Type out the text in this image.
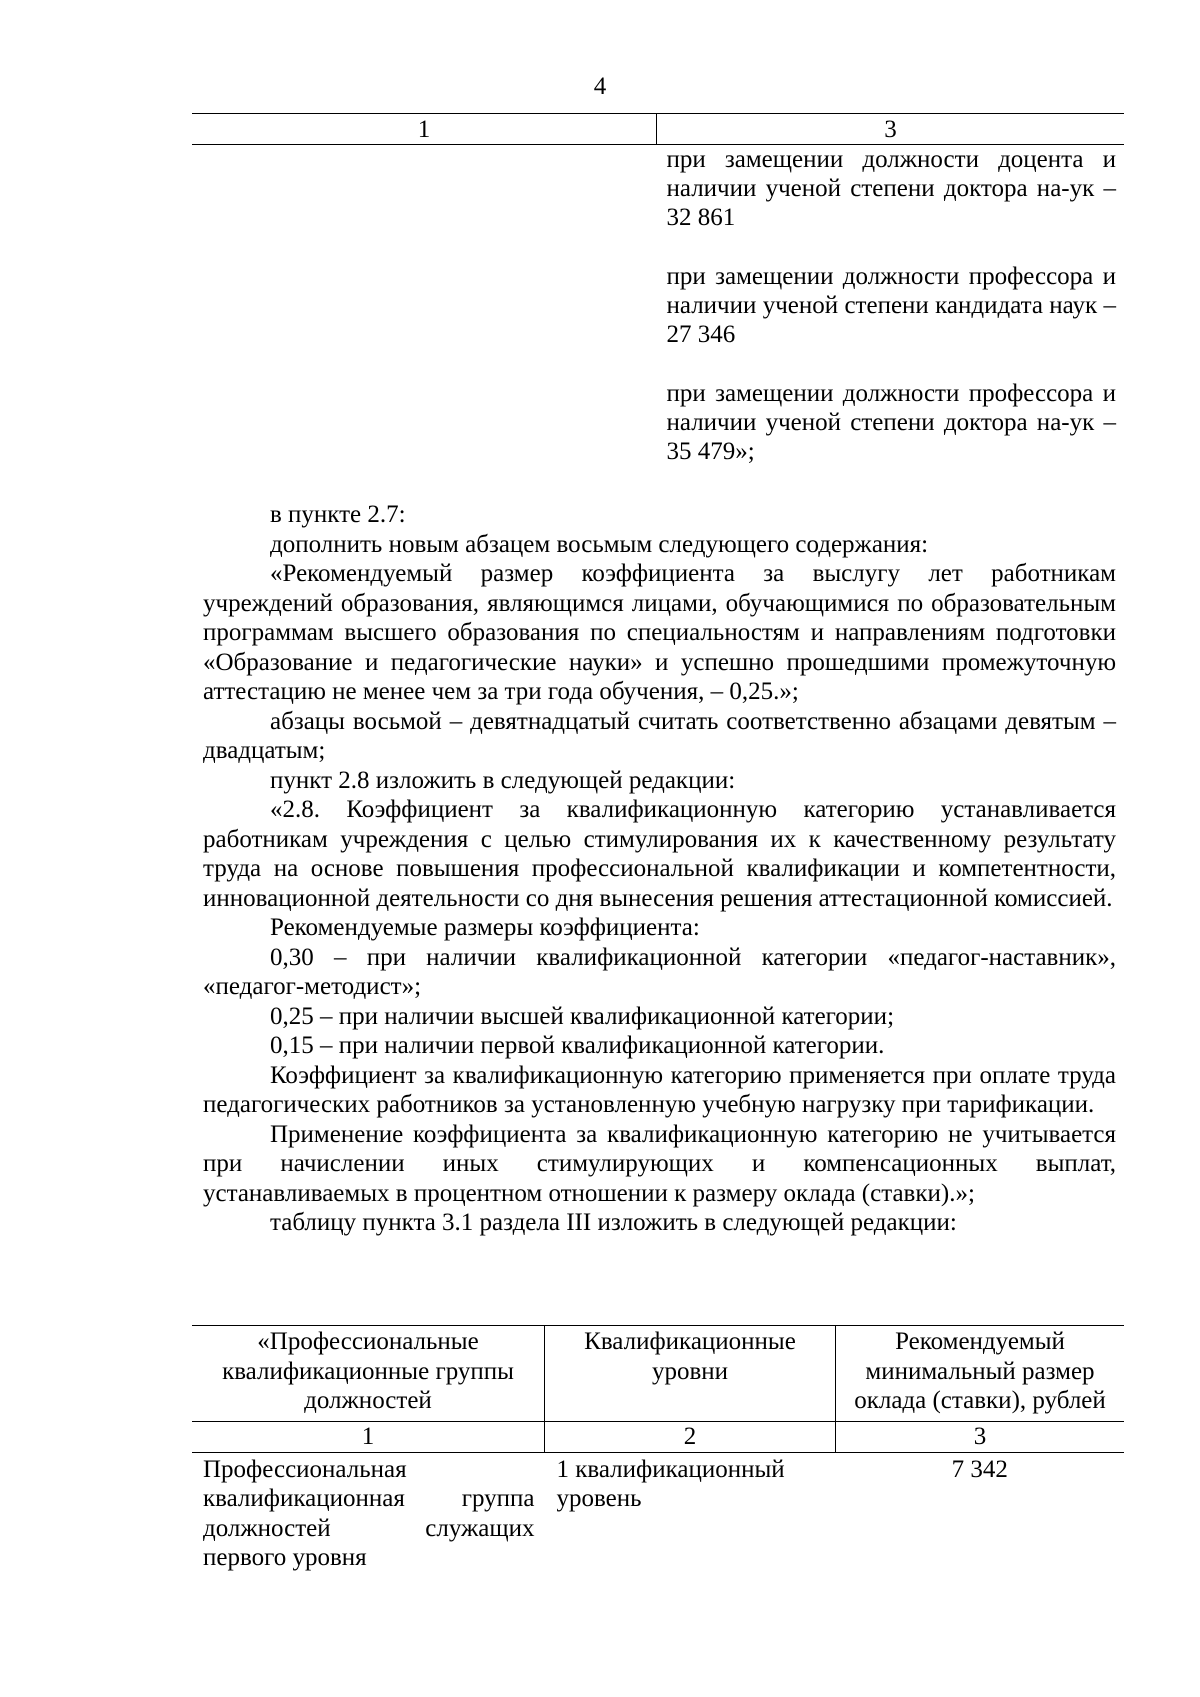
4
1	3

	при замещении должности доцента и наличии ученой степени доктора на-ук – 32 861

при замещении должности профессора и наличии ученой степени кандидата наук – 27 346

при замещении должности профессора и наличии ученой степени доктора на-ук – 35 479»;

в пункте 2.7:

дополнить новым абзацем восьмым следующего содержания:

«Рекомендуемый размер коэффициента за выслугу лет работникам учреждений образования, являющимся лицами, обучающимися по образовательным программам высшего образования по специальностям и направлениям подготовки «Образование и педагогические науки» и успешно прошедшими промежуточную аттестацию не менее чем за три года обучения, – 0,25.»;

абзацы восьмой – девятнадцатый считать соответственно абзацами девятым – двадцатым;

пункт 2.8 изложить в следующей редакции:

«2.8. Коэффициент за квалификационную категорию устанавливается работникам учреждения с целью стимулирования их к качественному результату труда на основе повышения профессиональной квалификации и компетентности, инновационной деятельности со дня вынесения решения аттестационной комиссией.

Рекомендуемые размеры коэффициента:

0,30 – при наличии квалификационной категории «педагог-наставник», «педагог-методист»;

0,25 – при наличии высшей квалификационной категории;

0,15 – при наличии первой квалификационной категории.

Коэффициент за квалификационную категорию применяется при оплате труда педагогических работников за установленную учебную нагрузку при тарификации.

Применение коэффициента за квалификационную категорию не учитывается при начислении иных стимулирующих и компенсационных выплат, устанавливаемых в процентном отношении к размеру оклада (ставки).»;

таблицу пункта 3.1 раздела III изложить в следующей редакции:

«Профессиональные квалификационные группы должностей	Квалификационные уровни	Рекомендуемый минимальный размер оклада (ставки), рублей
1	2	3
Профессиональная квалификационная группа должностей служащих первого уровня	1 квалификационный уровень	7 342
